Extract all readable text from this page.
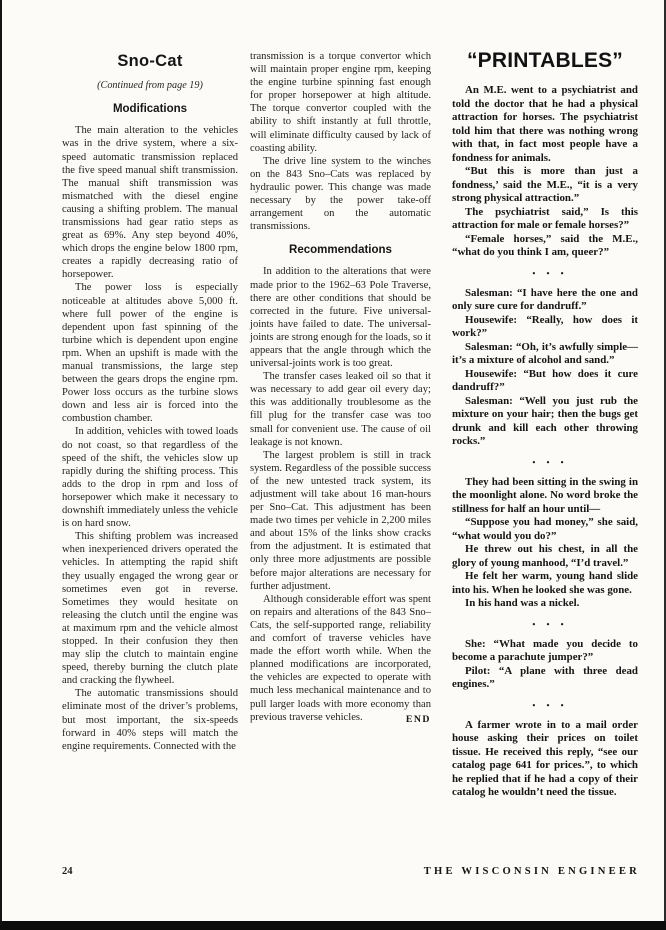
Sno-Cat
(Continued from page 19)
Modifications

The main alteration to the vehicles was in the drive system, where a six-speed automatic transmission replaced the five speed manual shift transmission. The manual shift transmission was mismatched with the diesel engine causing a shifting problem. The manual transmissions had gear ratio steps as great as 69%. Any step beyond 40%, which drops the engine below 1800 rpm, creates a rapidly decreasing ratio of horsepower.

The power loss is especially noticeable at altitudes above 5,000 ft. where full power of the engine is dependent upon fast spinning of the turbine which is dependent upon engine rpm. When an upshift is made with the manual transmissions, the large step between the gears drops the engine rpm. Power loss occurs as the turbine slows down and less air is forced into the combustion chamber.

In addition, vehicles with towed loads do not coast, so that regardless of the speed of the shift, the vehicles slow up rapidly during the shifting process. This adds to the drop in rpm and loss of horsepower which make it necessary to downshift immediately unless the vehicle is on hard snow.

This shifting problem was increased when inexperienced drivers operated the vehicles. In attempting the rapid shift they usually engaged the wrong gear or sometimes even got in reverse. Sometimes they would hesitate on releasing the clutch until the engine was at maximum rpm and the vehicle almost stopped. In their confusion they then may slip the clutch to maintain engine speed, thereby burning the clutch plate and cracking the flywheel.

The automatic transmissions should eliminate most of the driver’s problems, but most important, the six-speeds forward in 40% steps will match the engine requirements. Connected with the

transmission is a torque convertor which will maintain proper engine rpm, keeping the engine turbine spinning fast enough for proper horsepower at high altitude. The torque convertor coupled with the ability to shift instantly at full throttle, will eliminate difficulty caused by lack of coasting ability.

The drive line system to the winches on the 843 Sno–Cats was replaced by hydraulic power. This change was made necessary by the power take-off arrangement on the automatic transmissions.

Recommendations

In addition to the alterations that were made prior to the 1962–63 Pole Traverse, there are other conditions that should be corrected in the future. Five universal-joints have failed to date. The universal-joints are strong enough for the loads, so it appears that the angle through which the universal-joints work is too great.

The transfer cases leaked oil so that it was necessary to add gear oil every day; this was additionally troublesome as the fill plug for the transfer case was too small for convenient use. The cause of oil leakage is not known.

The largest problem is still in track system. Regardless of the possible success of the new untested track system, its adjustment will take about 16 man-hours per Sno–Cat. This adjustment has been made two times per vehicle in 2,200 miles and about 15% of the links show cracks from the adjustment. It is estimated that only three more adjustments are possible before major alterations are necessary for further adjustment.

Although considerable effort was spent on repairs and alterations of the 843 Sno–Cats, the self-supported range, reliability and comfort of traverse vehicles have made the effort worth while. When the planned modifications are incorporated, the vehicles are expected to operate with much less mechanical maintenance and to pull larger loads with more economy than previous traverse vehicles.	END

“PRINTABLES”

An M.E. went to a psychiatrist and told the doctor that he had a physical attraction for horses. The psychiatrist told him that there was nothing wrong with that, in fact most people have a fondness for animals.

“But this is more than just a fondness,’ said the M.E., “it is a very strong physical attraction.”

The psychiatrist said,” Is this attraction for male or female horses?”

“Female horses,” said the M.E., “what do you think I am, queer?”

• • •

Salesman: “I have here the one and only sure cure for dandruff.”

Housewife: “Really, how does it work?”

Salesman: “Oh, it’s awfully simple—it’s a mixture of alcohol and sand.”

Housewife: “But how does it cure dandruff?”

Salesman: “Well you just rub the mixture on your hair; then the bugs get drunk and kill each other throwing rocks.”

• • •

They had been sitting in the swing in the moonlight alone. No word broke the stillness for half an hour until—

“Suppose you had money,” she said, “what would you do?”

He threw out his chest, in all the glory of young manhood, “I’d travel.”

He felt her warm, young hand slide into his. When he looked she was gone.

In his hand was a nickel.

• • •

She: “What made you decide to become a parachute jumper?”

Pilot: “A plane with three dead engines.”

• • •

A farmer wrote in to a mail order house asking their prices on toilet tissue. He received this reply, “see our catalog page 641 for prices.”, to which he replied that if he had a copy of their catalog he wouldn’t need the tissue.

24	THE WISCONSIN ENGINEER
